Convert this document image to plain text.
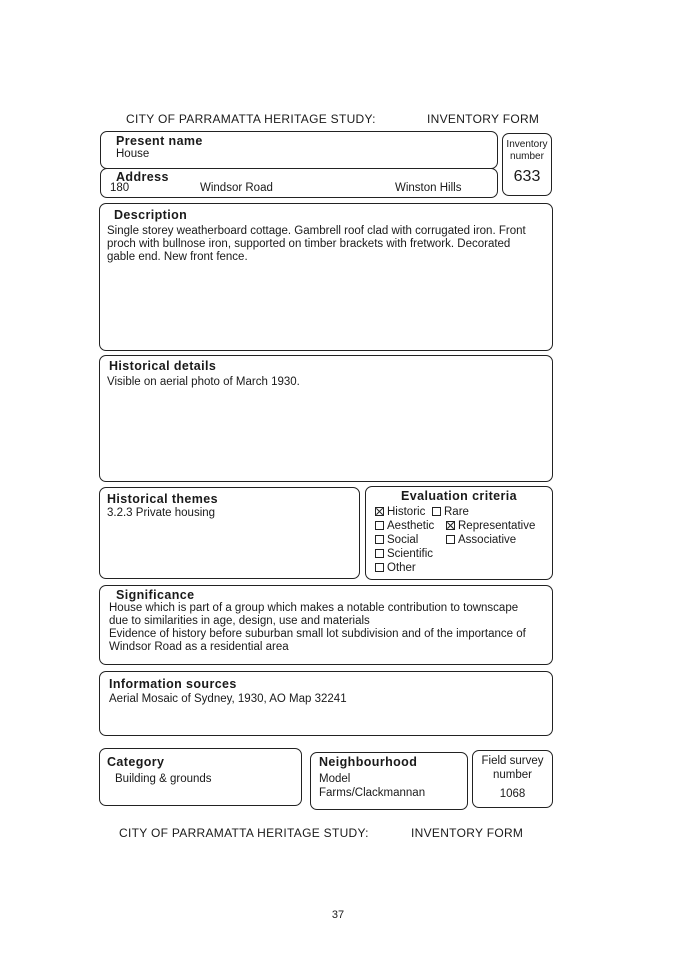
CITY OF PARRAMATTA HERITAGE STUDY:	INVENTORY FORM
Present name
House
Inventory
number
633
Address
180	Windsor Road	Winston Hills
Description
Single storey weatherboard cottage. Gambrell roof clad with corrugated iron. Front
proch with bullnose iron, supported on timber brackets with fretwork. Decorated
gable end. New front fence.
Historical details
Visible on aerial photo of March 1930.
Historical themes
3.2.3 Private housing
Evaluation criteria
Historic	Rare
Aesthetic	Representative
Social	Associative
Scientific
Other
Significance
House which is part of a group which makes a notable contribution to townscape
due to similarities in age, design, use and materials
Evidence of history before suburban small lot subdivision and of the importance of
Windsor Road as a residential area
Information sources
Aerial Mosaic of Sydney, 1930, AO Map 32241
Category
Building & grounds
Neighbourhood
Model
Farms/Clackmannan
Field survey
number
1068
CITY OF PARRAMATTA HERITAGE STUDY:	INVENTORY FORM
37
